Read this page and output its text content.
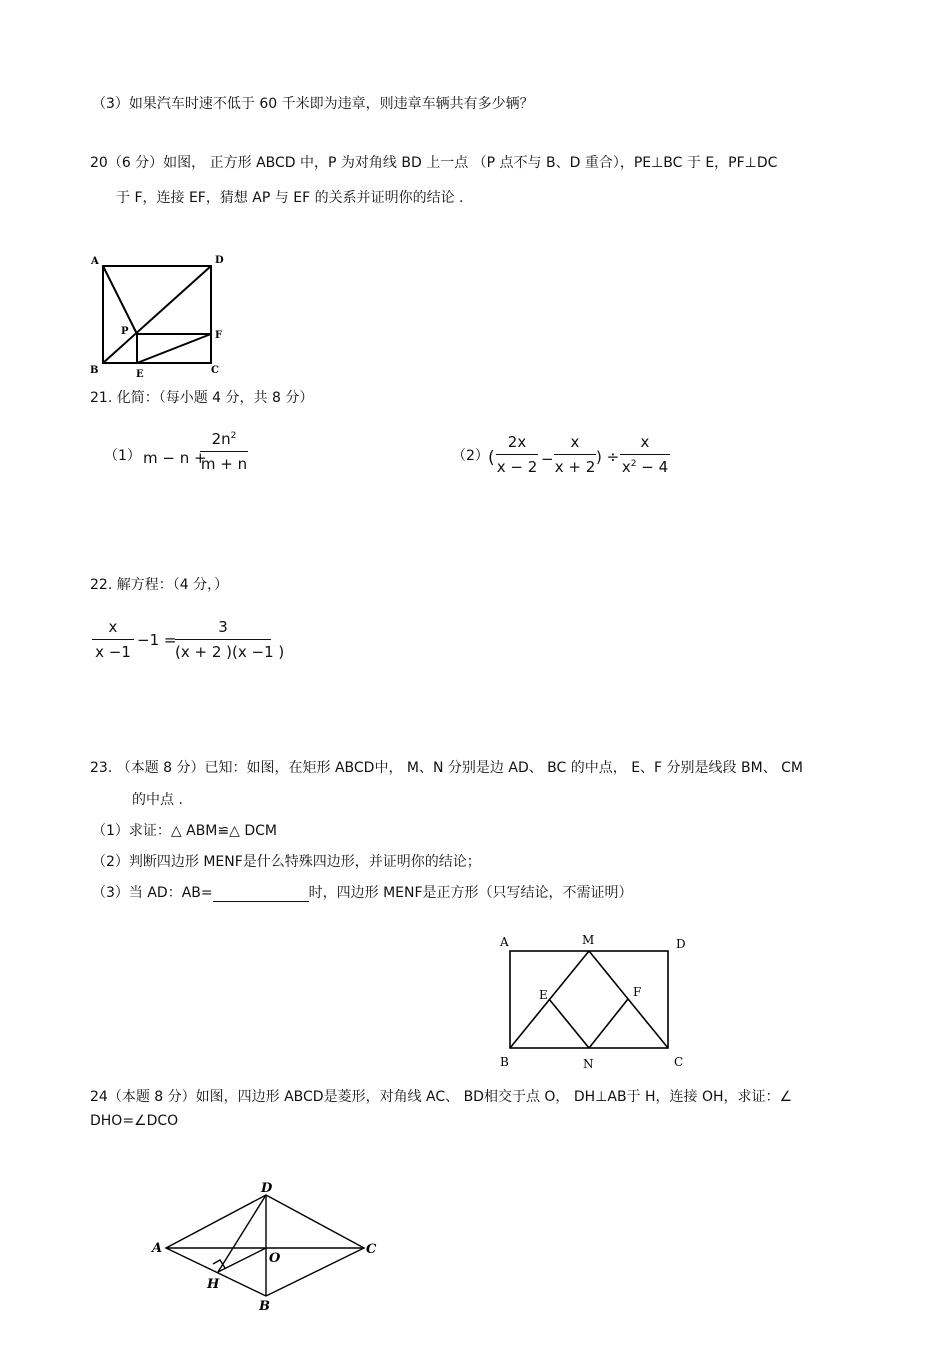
（3）如果汽车时速不低于 60 千米即为违章，则违章车辆共有多少辆？
20（6 分）如图， 正方形 ABCD 中，P 为对角线 BD 上一点 （P 点不与 B、D 重合），PE⊥BC 于 E，PF⊥DC
于 F，连接 EF，猜想 AP 与 EF 的关系并证明你的结论 .
A	D
P	F
B	E	C
21. 化简：（每小题 4 分，共 8 分）
（1） m − n +
$2n^2$
m + n	（2） (
2x
x − 2 −
x
x + 2
) ÷
x
$x^2 - 4$
22. 解方程：（4 分，）
x
x −1
−1 =
3
(x + 2 )(x −1 )
23. （本题 8 分）已知：如图，在矩形 ABCD中， M、N 分别是边 AD、 BC 的中点， E、F 分别是线段 BM、 CM
的中点 .
（1）求证：△ ABM≌△ DCM
（2）判断四边形 MENF是什么特殊四边形，并证明你的结论；
（3）当 AD：AB=	时，四边形 MENF是正方形（只写结论，不需证明）
A	M	D
E	F
B	N	C
24（本题 8 分）如图，四边形 ABCD是菱形，对角线 AC、 BD相交于点 O， DH⊥AB于 H，连接 OH，求证：∠
DHO=∠DCO
D
A
O
C
H
B
